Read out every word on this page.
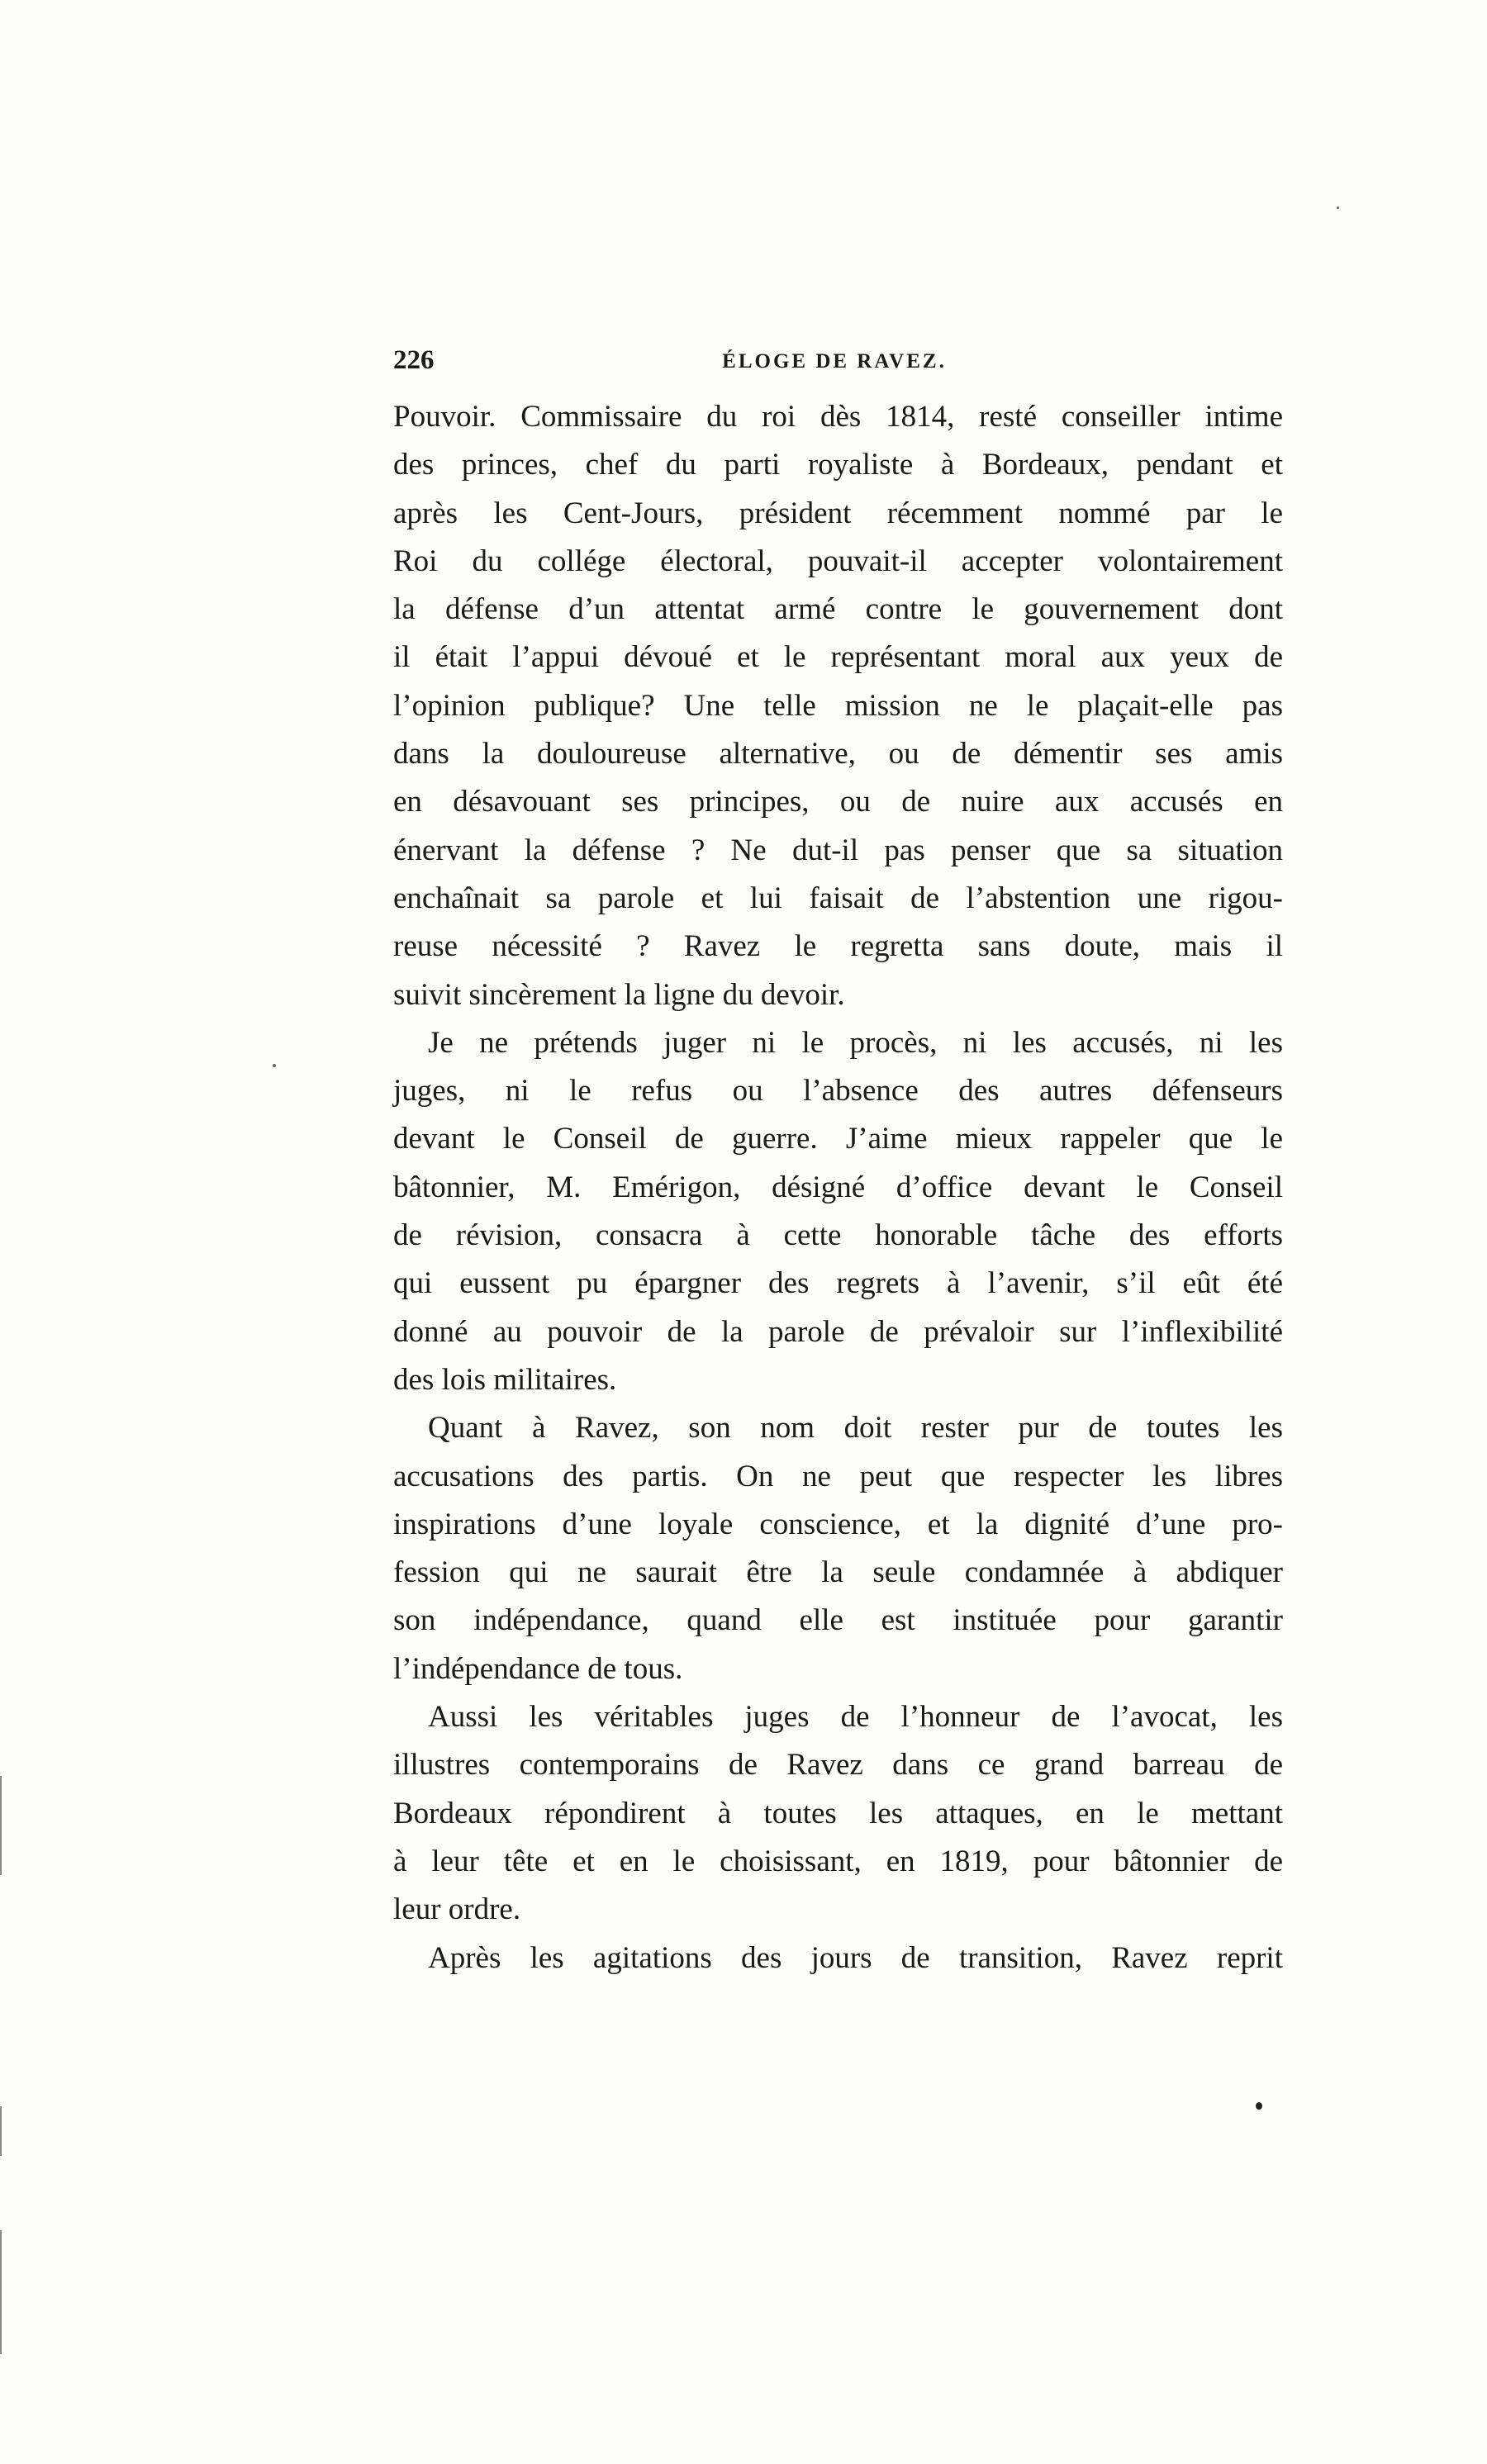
226	ÉLOGE DE RAVEZ.
Pouvoir. Commissaire du roi dès 1814, resté conseiller intime
des princes, chef du parti royaliste à Bordeaux, pendant et
après les Cent-Jours, président récemment nommé par le
Roi du collége électoral, pouvait-il accepter volontairement
la défense d’un attentat armé contre le gouvernement dont
il était l’appui dévoué et le représentant moral aux yeux de
l’opinion publique? Une telle mission ne le plaçait-elle pas
dans la douloureuse alternative, ou de démentir ses amis
en désavouant ses principes, ou de nuire aux accusés en
énervant la défense ? Ne dut-il pas penser que sa situation
enchaînait sa parole et lui faisait de l’abstention une rigou-
reuse nécessité ? Ravez le regretta sans doute, mais il
suivit sincèrement la ligne du devoir.
Je ne prétends juger ni le procès, ni les accusés, ni les
juges, ni le refus ou l’absence des autres défenseurs
devant le Conseil de guerre. J’aime mieux rappeler que le
bâtonnier, M. Emérigon, désigné d’office devant le Conseil
de révision, consacra à cette honorable tâche des efforts
qui eussent pu épargner des regrets à l’avenir, s’il eût été
donné au pouvoir de la parole de prévaloir sur l’inflexibilité
des lois militaires.
Quant à Ravez, son nom doit rester pur de toutes les
accusations des partis. On ne peut que respecter les libres
inspirations d’une loyale conscience, et la dignité d’une pro-
fession qui ne saurait être la seule condamnée à abdiquer
son indépendance, quand elle est instituée pour garantir
l’indépendance de tous.
Aussi les véritables juges de l’honneur de l’avocat, les
illustres contemporains de Ravez dans ce grand barreau de
Bordeaux répondirent à toutes les attaques, en le mettant
à leur tête et en le choisissant, en 1819, pour bâtonnier de
leur ordre.
Après les agitations des jours de transition, Ravez reprit
